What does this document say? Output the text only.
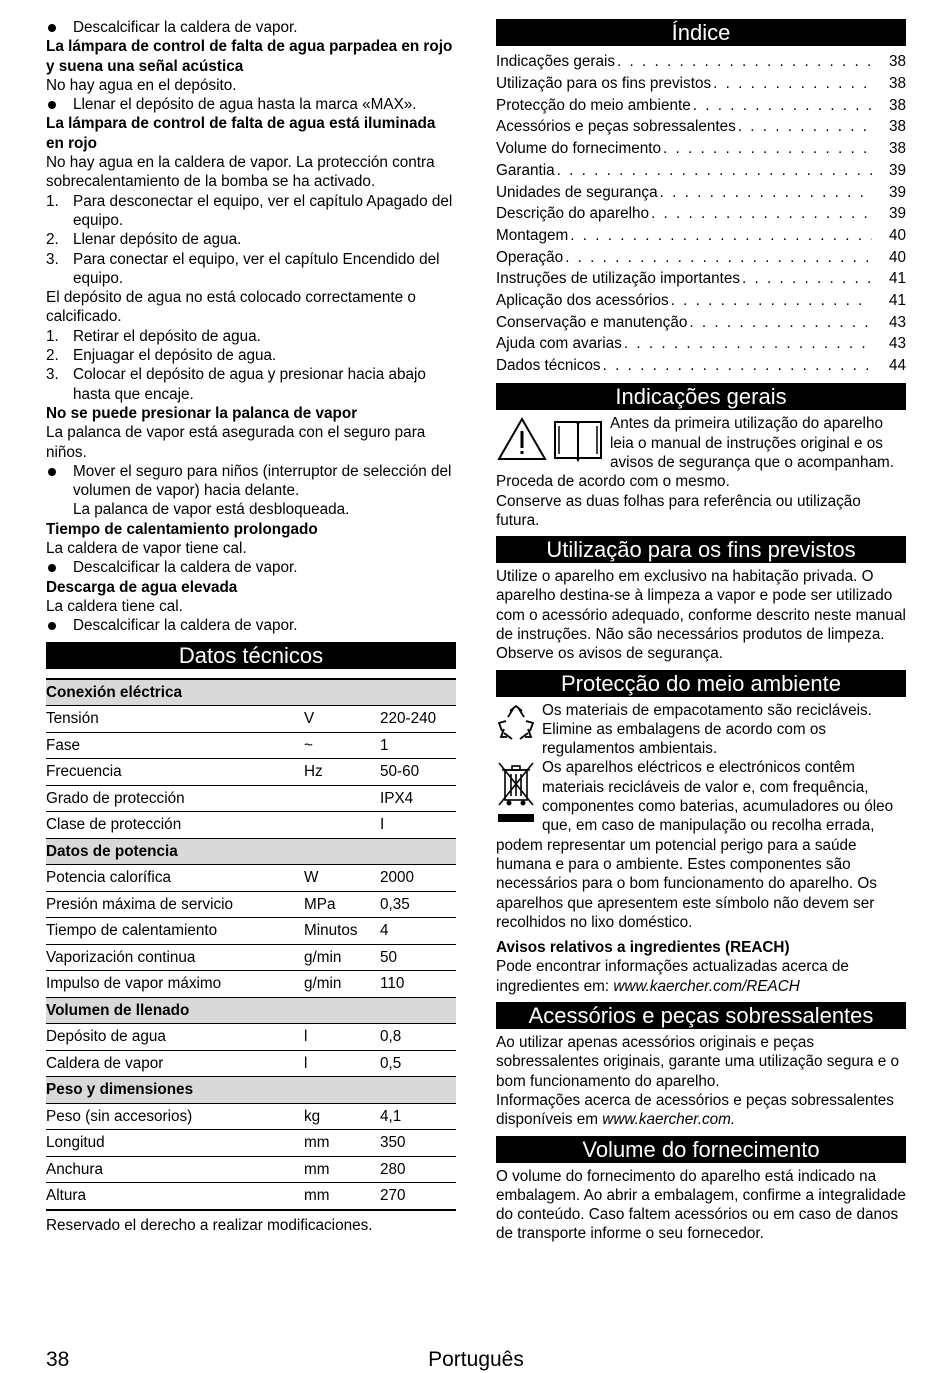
Descalcificar la caldera de vapor.

La lámpara de control de falta de agua parpadea en rojo y suena una señal acústica

No hay agua en el depósito.

Llenar el depósito de agua hasta la marca «MAX».

La lámpara de control de falta de agua está iluminada en rojo

No hay agua en la caldera de vapor. La protección contra sobrecalentamiento de la bomba se ha activado.

1. Para desconectar el equipo, ver el capítulo Apagado del equipo.

2. Llenar depósito de agua.

3. Para conectar el equipo, ver el capítulo Encendido del equipo.

El depósito de agua no está colocado correctamente o calcificado.

1. Retirar el depósito de agua.

2. Enjuagar el depósito de agua.

3. Colocar el depósito de agua y presionar hacia abajo hasta que encaje.

No se puede presionar la palanca de vapor

La palanca de vapor está asegurada con el seguro para niños.

Mover el seguro para niños (interruptor de selección del volumen de vapor) hacia delante.

La palanca de vapor está desbloqueada.

Tiempo de calentamiento prolongado

La caldera de vapor tiene cal.

Descalcificar la caldera de vapor.

Descarga de agua elevada

La caldera tiene cal.

Descalcificar la caldera de vapor.

Datos técnicos
Conexión eléctrica		
Tensión	V	220-240
Fase	~	1
Frecuencia	Hz	50-60
Grado de protección		IPX4
Clase de protección		I
Datos de potencia		
Potencia calorífica	W	2000
Presión máxima de servicio	MPa	0,35
Tiempo de calentamiento	Minutos	4
Vaporización continua	g/min	50
Impulso de vapor máximo	g/min	110
Volumen de llenado		
Depósito de agua	l	0,8
Caldera de vapor	l	0,5
Peso y dimensiones		
Peso (sin accesorios)	kg	4,1
Longitud	mm	350
Anchura	mm	280
Altura	mm	270

Reservado el derecho a realizar modificaciones.

Índice
Indicações gerais . . .	38
Utilização para os fins previstos . . .	38
Protecção do meio ambiente . . .	38
Acessórios e peças sobressalentes . . .	38
Volume do fornecimento . . .	38
Garantia . . .	39
Unidades de segurança . . .	39
Descrição do aparelho . . .	39
Montagem . . .	40
Operação . . .	40
Instruções de utilização importantes . . .	41
Aplicação dos acessórios . . .	41
Conservação e manutenção . . .	43
Ajuda com avarias . . .	43
Dados técnicos . . .	44
Indicações gerais

Antes da primeira utilização do aparelho leia o manual de instruções original e os avisos de segurança que o acompanham. Proceda de acordo com o mesmo.

Conserve as duas folhas para referência ou utilização futura.

Utilização para os fins previstos

Utilize o aparelho em exclusivo na habitação privada. O aparelho destina-se à limpeza a vapor e pode ser utilizado com o acessório adequado, conforme descrito neste manual de instruções. Não são necessários produtos de limpeza. Observe os avisos de segurança.

Protecção do meio ambiente

Os materiais de empacotamento são recicláveis. Elimine as embalagens de acordo com os regulamentos ambientais.

Os aparelhos eléctricos e electrónicos contêm materiais recicláveis de valor e, com frequência, componentes como baterias, acumuladores ou óleo que, em caso de manipulação ou recolha errada, podem representar um potencial perigo para a saúde humana e para o ambiente. Estes componentes são necessários para o bom funcionamento do aparelho. Os aparelhos que apresentem este símbolo não devem ser recolhidos no lixo doméstico.

Avisos relativos a ingredientes (REACH)

Pode encontrar informações actualizadas acerca de ingredientes em: www.kaercher.com/REACH

Acessórios e peças sobressalentes

Ao utilizar apenas acessórios originais e peças sobressalentes originais, garante uma utilização segura e o bom funcionamento do aparelho.

Informações acerca de acessórios e peças sobressalentes disponíveis em www.kaercher.com.

Volume do fornecimento

O volume do fornecimento do aparelho está indicado na embalagem. Ao abrir a embalagem, confirme a integralidade do conteúdo. Caso faltem acessórios ou em caso de danos de transporte informe o seu fornecedor.

38	Português
